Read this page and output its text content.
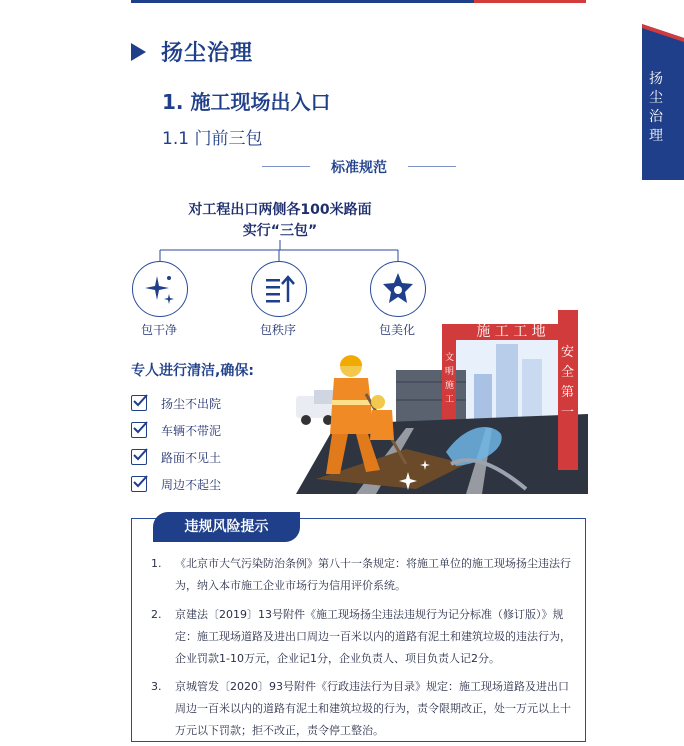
扬
尘
治
理
扬尘治理
1. 施工现场出入口
1.1 门前三包
标准规范
对工程出口两侧各100米路面
实行“三包”
包干净	包秩序	包美化
专人进行清洁,确保:
扬尘不出院
车辆不带泥
路面不见土
周边不起尘
施 工 工 地
文明施工
安全第一
违规风险提示
1.	《北京市大气污染防治条例》第八十一条规定：将施工单位的施工现场扬尘违法行为，纳入本市施工企业市场行为信用评价系统。
2.	京建法〔2019〕13号附件《施工现场扬尘违法违规行为记分标准（修订版）》规定：施工现场道路及进出口周边一百米以内的道路有泥土和建筑垃圾的违法行为，企业罚款1-10万元，企业记1分，企业负责人、项目负责人记2分。
3.	京城管发〔2020〕93号附件《行政违法行为目录》规定：施工现场道路及进出口周边一百米以内的道路有泥土和建筑垃圾的行为，责令限期改正，处一万元以上十万元以下罚款；拒不改正，责令停工整治。
